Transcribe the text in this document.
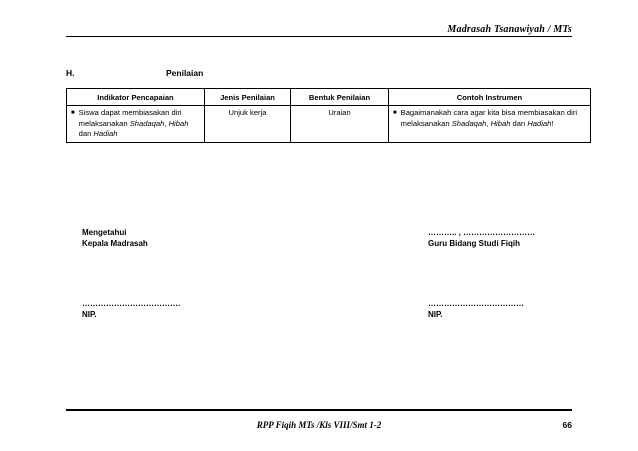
Madrasah Tsanawiyah / MTs
H.	Penilaian
Indikator Pencapaian	Jenis Penilaian	Bentuk Penilaian	Contoh Instrumen

■ Siswa dapat membiasakan diri melaksanakan Shadaqah, Hibah dan Hadiah	Unjuk kerja	Uraian	■ Bagaimanakah cara agar kita bisa membiasakan diri melaksanakan Shadaqah, Hibah dan Hadiah!
Mengetahui
Kepala Madrasah
……….. , ………………………
Guru Bidang Studi Fiqih
……………………………….
NIP.
………………………………
NIP.
RPP Fiqih MTs /Kls VIII/Smt 1-2	66
